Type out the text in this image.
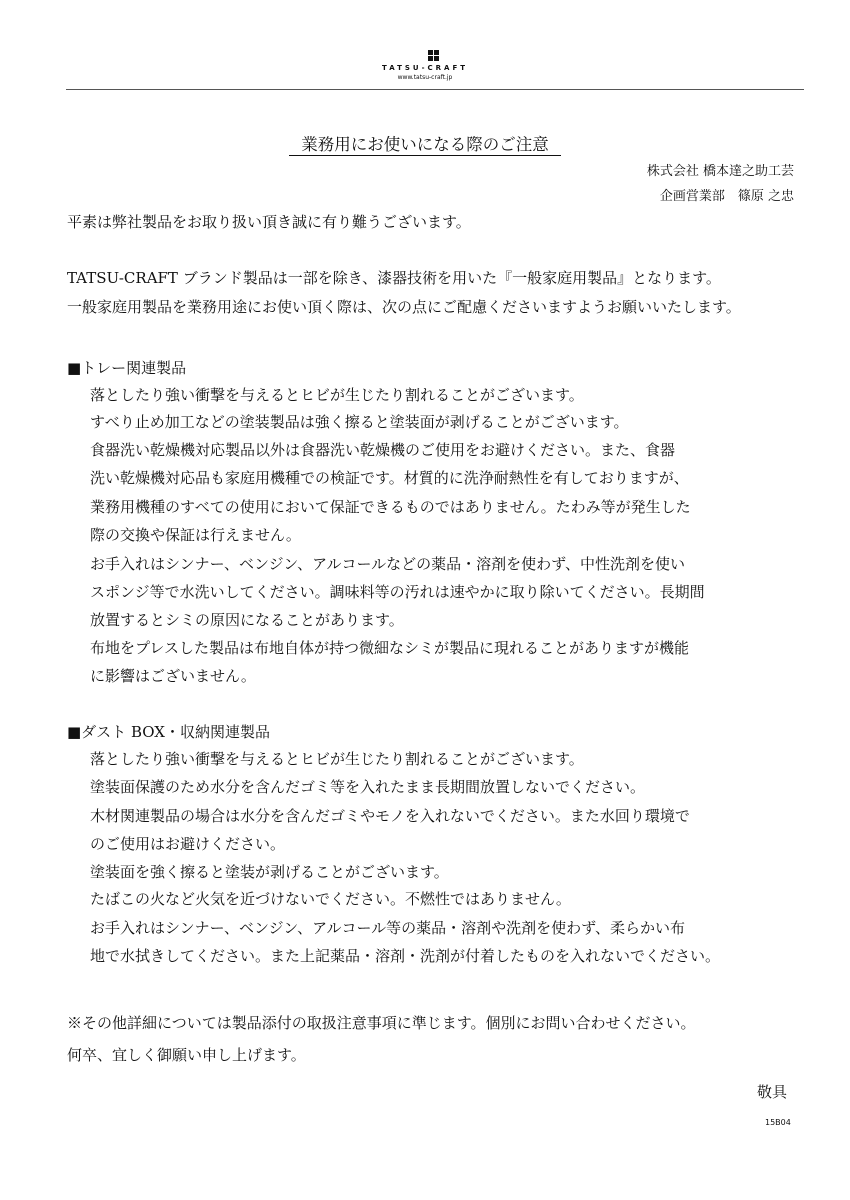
TATSU-CRAFT
www.tatsu-craft.jp
業務用にお使いになる際のご注意
株式会社 橋本達之助工芸
企画営業部　篠原 之忠
平素は弊社製品をお取り扱い頂き誠に有り難うございます。
TATSU-CRAFT ブランド製品は一部を除き、漆器技術を用いた『一般家庭用製品』となります。
一般家庭用製品を業務用途にお使い頂く際は、次の点にご配慮くださいますようお願いいたします。
■トレー関連製品
落としたり強い衝撃を与えるとヒビが生じたり割れることがございます。
すべり止め加工などの塗装製品は強く擦ると塗装面が剥げることがございます。
食器洗い乾燥機対応製品以外は食器洗い乾燥機のご使用をお避けください。また、食器
洗い乾燥機対応品も家庭用機種での検証です。材質的に洗浄耐熱性を有しておりますが、
業務用機種のすべての使用において保証できるものではありません。たわみ等が発生した
際の交換や保証は行えません。
お手入れはシンナー、ベンジン、アルコールなどの薬品・溶剤を使わず、中性洗剤を使い
スポンジ等で水洗いしてください。調味料等の汚れは速やかに取り除いてください。長期間
放置するとシミの原因になることがあります。
布地をプレスした製品は布地自体が持つ微細なシミが製品に現れることがありますが機能
に影響はございません。
■ダスト BOX・収納関連製品
落としたり強い衝撃を与えるとヒビが生じたり割れることがございます。
塗装面保護のため水分を含んだゴミ等を入れたまま長期間放置しないでください。
木材関連製品の場合は水分を含んだゴミやモノを入れないでください。また水回り環境で
のご使用はお避けください。
塗装面を強く擦ると塗装が剥げることがございます。
たばこの火など火気を近づけないでください。不燃性ではありません。
お手入れはシンナー、ベンジン、アルコール等の薬品・溶剤や洗剤を使わず、柔らかい布
地で水拭きしてください。また上記薬品・溶剤・洗剤が付着したものを入れないでください。
※その他詳細については製品添付の取扱注意事項に準じます。個別にお問い合わせください。
何卒、宜しく御願い申し上げます。
敬具
15B04
